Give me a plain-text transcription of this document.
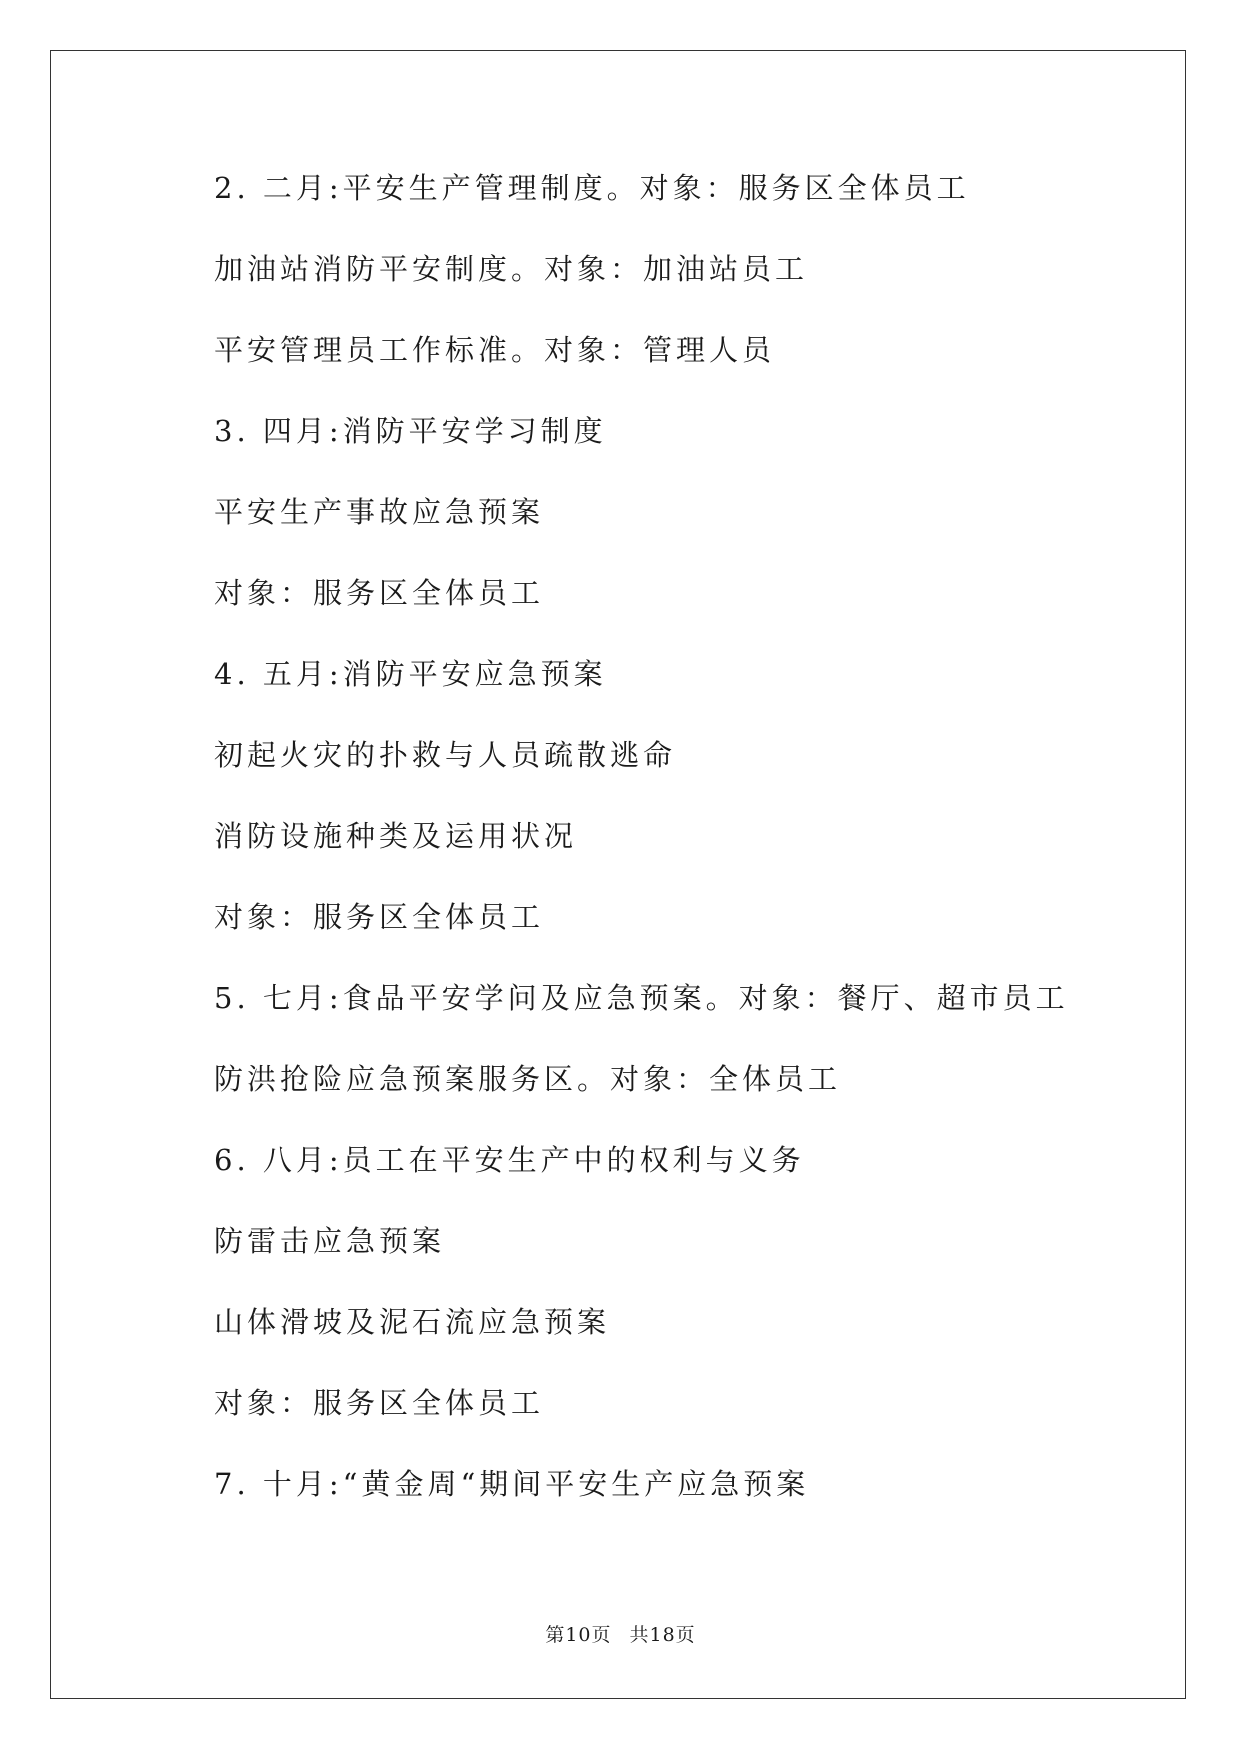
2. 二月:平安生产管理制度。对象：服务区全体员工
加油站消防平安制度。对象：加油站员工
平安管理员工作标准。对象：管理人员
3. 四月:消防平安学习制度
平安生产事故应急预案
对象：服务区全体员工
4. 五月:消防平安应急预案
初起火灾的扑救与人员疏散逃命
消防设施种类及运用状况
对象：服务区全体员工
5. 七月:食品平安学问及应急预案。对象：餐厅、超市员工
防洪抢险应急预案服务区。对象：全体员工
6. 八月:员工在平安生产中的权利与义务
防雷击应急预案
山体滑坡及泥石流应急预案
对象：服务区全体员工
7. 十月:“黄金周“期间平安生产应急预案
第10页 共18页
